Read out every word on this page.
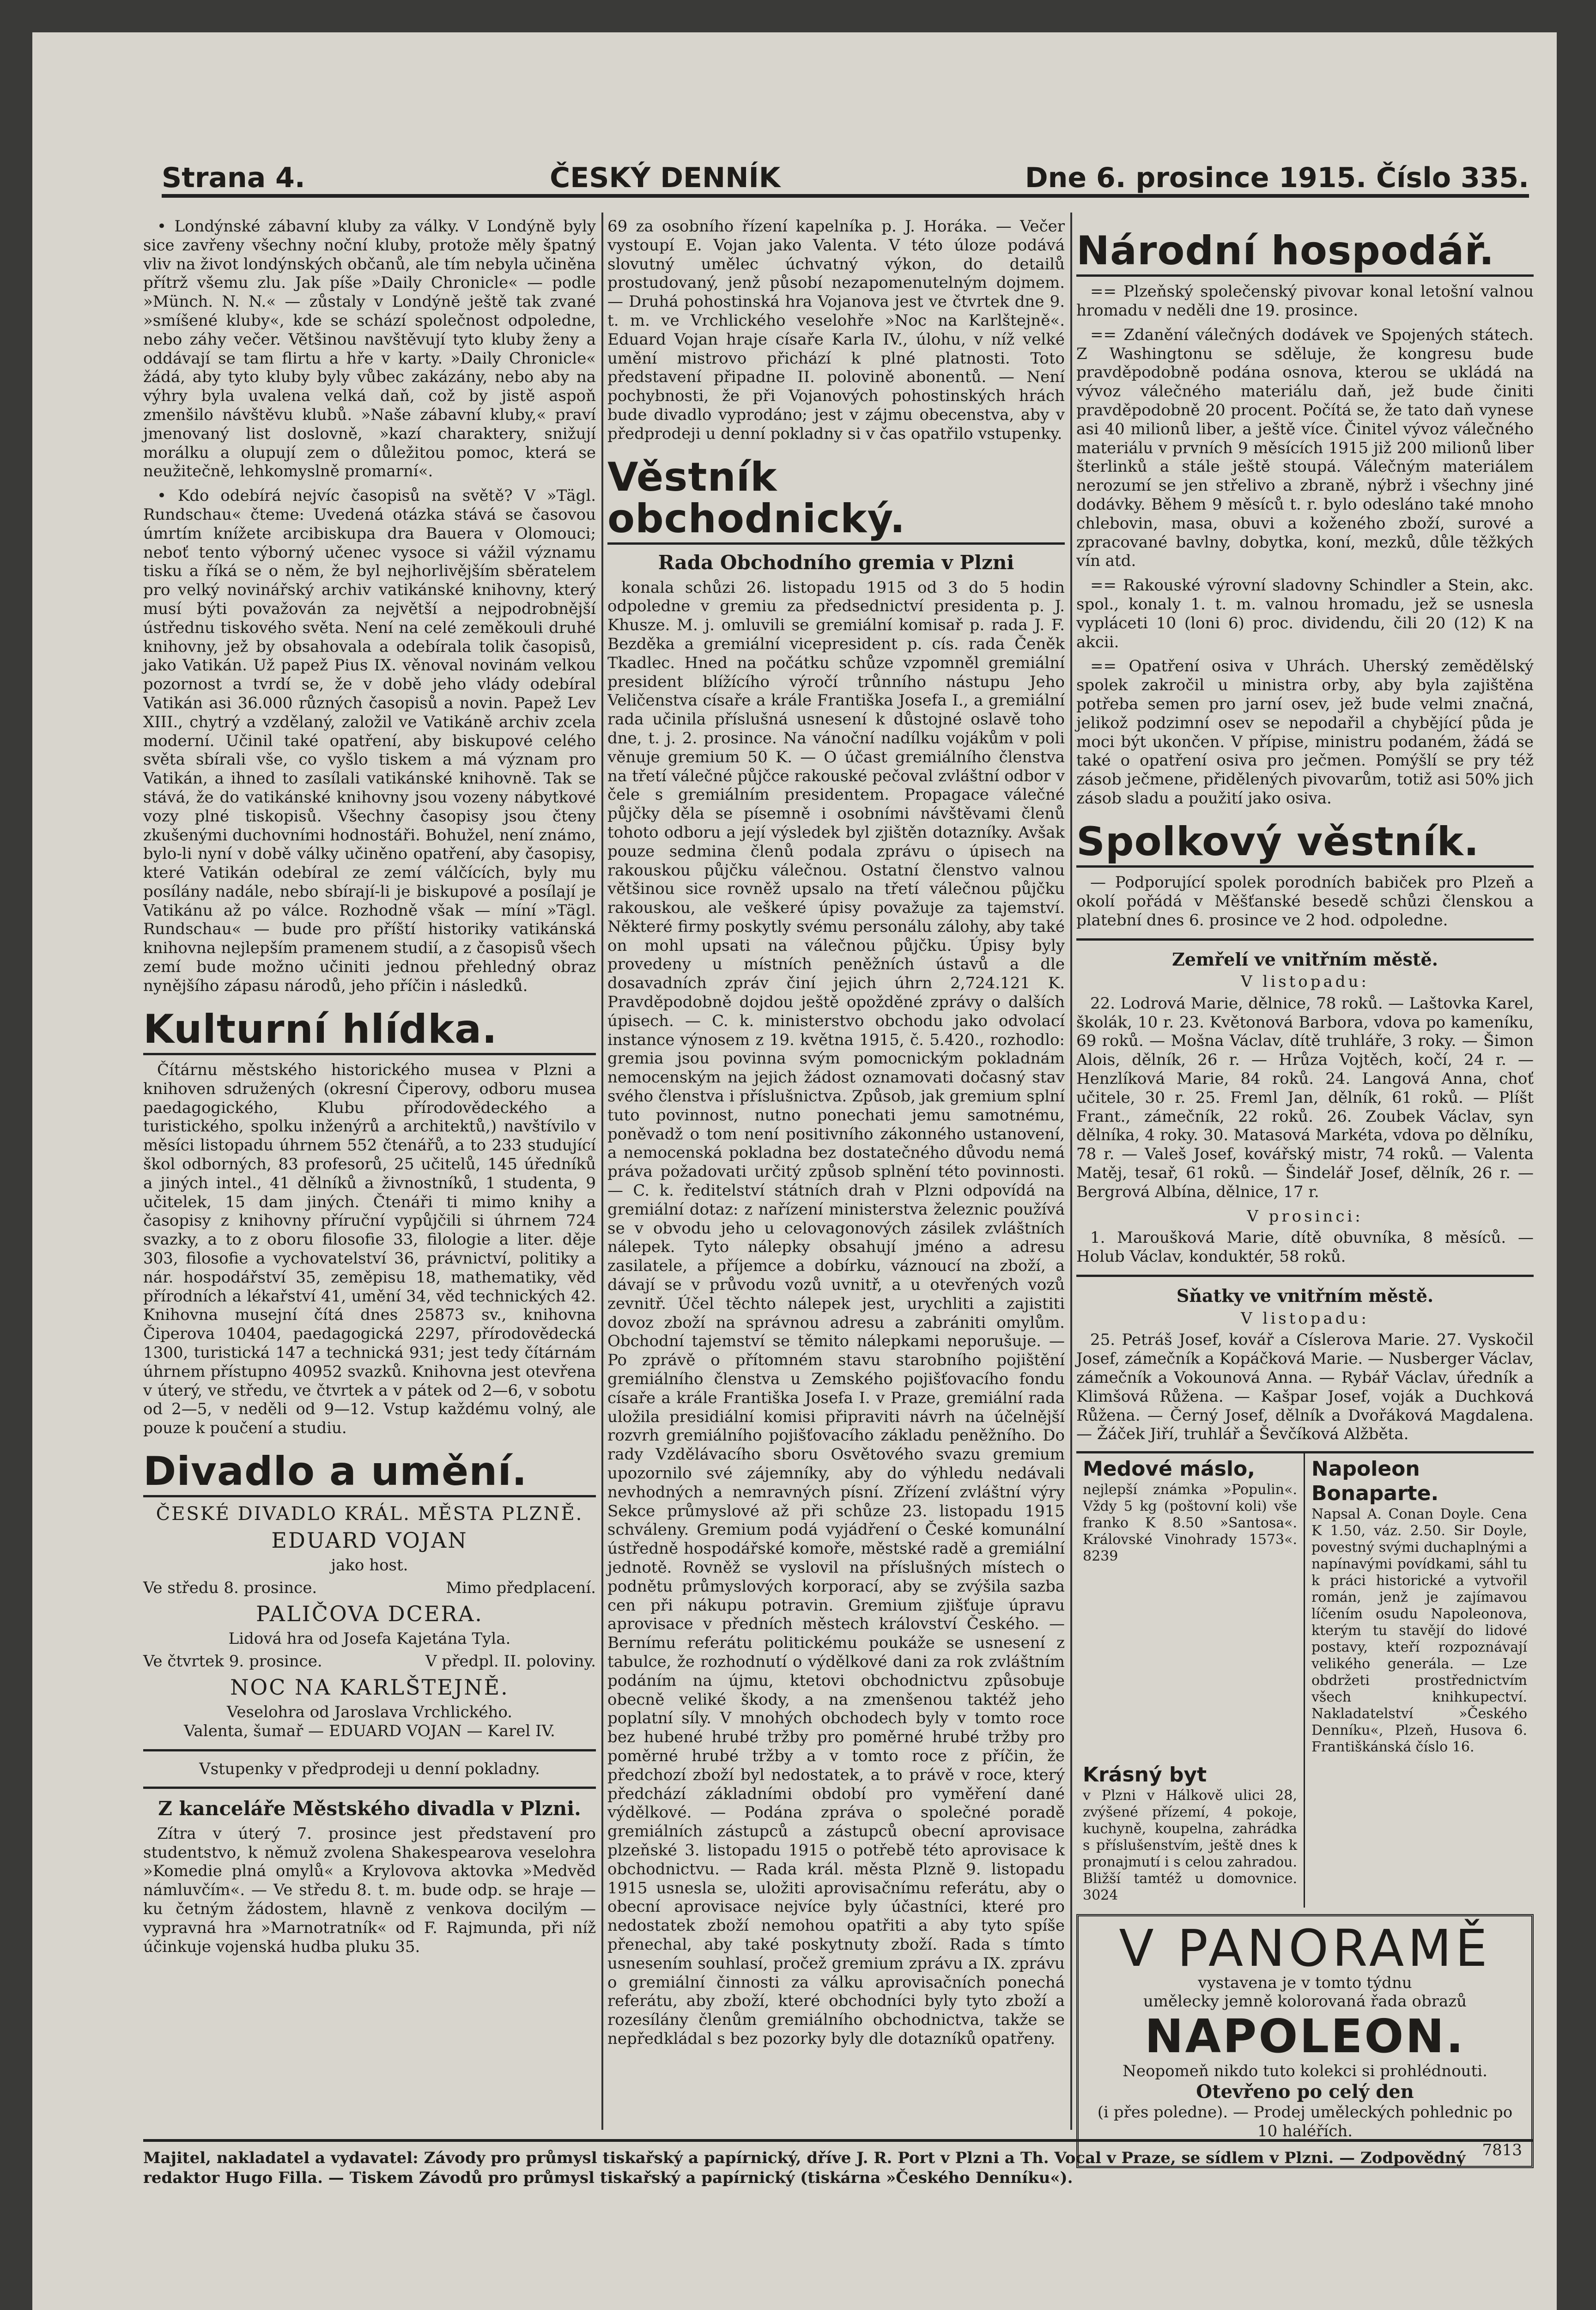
Strana 4.	ČESKÝ DENNÍK	Dne 6. prosince 1915. Číslo 335.

• Londýnské zábavní kluby za války. V Londýně byly sice zavřeny všechny noční kluby, protože měly špatný vliv na život londýnských občanů, ale tím nebyla učiněna přítrž všemu zlu. Jak píše »Daily Chronicle« — podle »Münch. N. N.« — zůstaly v Londýně ještě tak zvané »smíšené kluby«, kde se schází společnost odpoledne, nebo záhy večer. Většinou navštěvují tyto kluby ženy a oddávají se tam flirtu a hře v karty. »Daily Chronicle« žádá, aby tyto kluby byly vůbec zakázány, nebo aby na výhry byla uvalena velká daň, což by jistě aspoň zmenšilo návštěvu klubů. »Naše zábavní kluby,« praví jmenovaný list doslovně, »kazí charaktery, snižují morálku a olupují zem o důležitou pomoc, která se neužitečně, lehkomyslně promarní«.

• Kdo odebírá nejvíc časopisů na světě? V »Tägl. Rundschau« čteme: Uvedená otázka stává se časovou úmrtím knížete arcibiskupa dra Bauera v Olomouci; neboť tento výborný učenec vysoce si vážil významu tisku a říká se o něm, že byl nejhorlivějším sběratelem pro velký novinářský archiv vatikánské knihovny, který musí býti považován za největší a nejpodrobnější ústřednu tiskového světa. Není na celé zeměkouli druhé knihovny, jež by obsahovala a odebírala tolik časopisů, jako Vatikán. Už papež Pius IX. věnoval novinám velkou pozornost a tvrdí se, že v době jeho vlády odebíral Vatikán asi 36.000 různých časopisů a novin. Papež Lev XIII., chytrý a vzdělaný, založil ve Vatikáně archiv zcela moderní. Učinil také opatření, aby biskupové celého světa sbírali vše, co vyšlo tiskem a má význam pro Vatikán, a ihned to zasílali vatikánské knihovně. Tak se stává, že do vatikánské knihovny jsou vozeny nábytkové vozy plné tiskopisů. Všechny časopisy jsou čteny zkušenými duchovními hodnostáři. Bohužel, není známo, bylo-li nyní v době války učiněno opatření, aby časopisy, které Vatikán odebíral ze zemí válčících, byly mu posílány nadále, nebo sbírají-li je biskupové a posílají je Vatikánu až po válce. Rozhodně však — míní »Tägl. Rundschau« — bude pro příští historiky vatikánská knihovna nejlepším pramenem studií, a z časopisů všech zemí bude možno učiniti jednou přehledný obraz nynějšího zápasu národů, jeho příčin i následků.

Kulturní hlídka.

Čítárnu městského historického musea v Plzni a knihoven sdružených (okresní Čiperovy, odboru musea paedagogického, Klubu přírodovědeckého a turistického, spolku inženýrů a architektů,) navštívilo v měsíci listopadu úhrnem 552 čtenářů, a to 233 studující škol odborných, 83 profesorů, 25 učitelů, 145 úředníků a jiných intel., 41 dělníků a živnostníků, 1 studenta, 9 učitelek, 15 dam jiných. Čtenáři ti mimo knihy a časopisy z knihovny příruční vypůjčili si úhrnem 724 svazky, a to z oboru filosofie 33, filologie a liter. děje 303, filosofie a vychovatelství 36, právnictví, politiky a nár. hospodářství 35, zeměpisu 18, mathematiky, věd přírodních a lékařství 41, umění 34, věd technických 42. Knihovna musejní čítá dnes 25873 sv., knihovna Čiperova 10404, paedagogická 2297, přírodovědecká 1300, turistická 147 a technická 931; jest tedy čítárnám úhrnem přístupno 40952 svazků. Knihovna jest otevřena v úterý, ve středu, ve čtvrtek a v pátek od 2—6, v sobotu od 2—5, v neděli od 9—12. Vstup každému volný, ale pouze k poučení a studiu.

Divadlo a umění.
ČESKÉ DIVADLO KRÁL. MĚSTA PLZNĚ.
EDUARD VOJAN
jako host.
Ve středu 8. prosince.	Mimo předplacení.
PALIČOVA DCERA.
Lidová hra od Josefa Kajetána Tyla.
Ve čtvrtek 9. prosince.	V předpl. II. poloviny.
NOC NA KARLŠTEJNĚ.
Veselohra od Jaroslava Vrchlického.
Valenta, šumař — EDUARD VOJAN — Karel IV.
Vstupenky v předprodeji u denní pokladny.
Z kanceláře Městského divadla v Plzni.

Zítra v úterý 7. prosince jest představení pro studentstvo, k němuž zvolena Shakespearova veselohra »Komedie plná omylů« a Krylovova aktovka »Medvěd námluvčím«. — Ve středu 8. t. m. bude odp. se hraje — ku četným žádostem, hlavně z venkova docilým — vypravná hra »Marnotratník« od F. Rajmunda, při níž účinkuje vojenská hudba pluku 35.

69 za osobního řízení kapelníka p. J. Horáka. — Večer vystoupí E. Vojan jako Valenta. V této úloze podává slovutný umělec úchvatný výkon, do detailů prostudovaný, jenž působí nezapomenutelným dojmem. — Druhá pohostinská hra Vojanova jest ve čtvrtek dne 9. t. m. ve Vrchlického veselohře »Noc na Karlštejně«. Eduard Vojan hraje císaře Karla IV., úlohu, v níž velké umění mistrovo přichází k plné platnosti. Toto představení připadne II. polovině abonentů. — Není pochybnosti, že při Vojanových pohostinských hrách bude divadlo vyprodáno; jest v zájmu obecenstva, aby v předprodeji u denní pokladny si v čas opatřilo vstupenky.

Věstník obchodnický.
Rada Obchodního gremia v Plzni

konala schůzi 26. listopadu 1915 od 3 do 5 hodin odpoledne v gremiu za předsednictví presidenta p. J. Khusze. M. j. omluvili se gremiální komisař p. rada J. F. Bezděka a gremiální vicepresident p. cís. rada Čeněk Tkadlec. Hned na počátku schůze vzpomněl gremiální president blížícího výročí trůnního nástupu Jeho Veličenstva císaře a krále Františka Josefa I., a gremiální rada učinila příslušná usnesení k důstojné oslavě toho dne, t. j. 2. prosince. Na vánoční nadílku vojákům v poli věnuje gremium 50 K. — O účast gremiálního členstva na třetí válečné půjčce rakouské pečoval zvláštní odbor v čele s gremiálním presidentem. Propagace válečné půjčky děla se písemně i osobními návštěvami členů tohoto odboru a její výsledek byl zjištěn dotazníky. Avšak pouze sedmina členů podala zprávu o úpisech na rakouskou půjčku válečnou. Ostatní členstvo valnou většinou sice rovněž upsalo na třetí válečnou půjčku rakouskou, ale veškeré úpisy považuje za tajemství. Některé firmy poskytly svému personálu zálohy, aby také on mohl upsati na válečnou půjčku. Úpisy byly provedeny u místních peněžních ústavů a dle dosavadních zpráv činí jejich úhrn 2,724.121 K. Pravděpodobně dojdou ještě opožděné zprávy o dalších úpisech. — C. k. ministerstvo obchodu jako odvolací instance výnosem z 19. května 1915, č. 5.420., rozhodlo: gremia jsou povinna svým pomocnickým pokladnám nemocenským na jejich žádost oznamovati dočasný stav svého členstva i příslušnictva. Způsob, jak gremium splní tuto povinnost, nutno ponechati jemu samotnému, poněvadž o tom není positivního zákonného ustanovení, a nemocenská pokladna bez dostatečného důvodu nemá práva požadovati určitý způsob splnění této povinnosti. — C. k. ředitelství státních drah v Plzni odpovídá na gremiální dotaz: z nařízení ministerstva železnic používá se v obvodu jeho u celovagonových zásilek zvláštních nálepek. Tyto nálepky obsahují jméno a adresu zasilatele, a příjemce a dobírku, váznoucí na zboží, a dávají se v průvodu vozů uvnitř, a u otevřených vozů zevnitř. Účel těchto nálepek jest, urychliti a zajistiti dovoz zboží na správnou adresu a zabrániti omylům. Obchodní tajemství se těmito nálepkami neporušuje. — Po zprávě o přítomném stavu starobního pojištění gremiálního členstva u Zemského pojišťovacího fondu císaře a krále Františka Josefa I. v Praze, gremiální rada uložila presidiální komisi připraviti návrh na účelnější rozvrh gremiálního pojišťovacího základu peněžního. Do rady Vzdělávacího sboru Osvětového svazu gremium upozornilo své zájemníky, aby do výhledu nedávali nevhodných a nemravných písní. Zřízení zvláštní výry Sekce průmyslové až při schůze 23. listopadu 1915 schváleny. Gremium podá vyjádření o České komunální ústředně hospodářské komoře, městské radě a gremiální jednotě. Rovněž se vyslovil na příslušných místech o podnětu průmyslových korporací, aby se zvýšila sazba cen při nákupu potravin. Gremium zjišťuje úpravu aprovisace v předních městech království Českého. — Bernímu referátu politickému poukáže se usnesení z tabulce, že rozhodnutí o výdělkové dani za rok zvláštním podáním na újmu, ktetovi obchodnictvu způsobuje obecně veliké škody, a na zmenšenou taktéž jeho poplatní síly. V mnohých obchodech byly v tomto roce bez hubené hrubé tržby pro poměrné hrubé tržby pro poměrné hrubé tržby a v tomto roce z příčin, že předchozí zboží byl nedostatek, a to právě v roce, který předchází základními období pro vyměření dané výdělkové. — Podána zpráva o společné poradě gremiálních zástupců a zástupců obecní aprovisace plzeňské 3. listopadu 1915 o potřebě této aprovisace k obchodnictvu. — Rada král. města Plzně 9. listopadu 1915 usnesla se, uložiti aprovisačnímu referátu, aby o obecní aprovisace nejvíce byly účastníci, které pro nedostatek zboží nemohou opatřiti a aby tyto spíše přenechal, aby také poskytnuty zboží. Rada s tímto usnesením souhlasí, pročež gremium zprávu a IX. zprávu o gremiální činnosti za válku aprovisačních ponechá referátu, aby zboží, které obchodníci byly tyto zboží a rozesílány členům gremiálního obchodnictva, takže se nepředkládal s bez pozorky byly dle dotazníků opatřeny.

Národní hospodář.

== Plzeňský společenský pivovar konal letošní valnou hromadu v neděli dne 19. prosince.

== Zdanění válečných dodávek ve Spojených státech. Z Washingtonu se sděluje, že kongresu bude pravděpodobně podána osnova, kterou se ukládá na vývoz válečného materiálu daň, jež bude činiti pravděpodobně 20 procent. Počítá se, že tato daň vynese asi 40 milionů liber, a ještě více. Činitel vývoz válečného materiálu v prvních 9 měsících 1915 již 200 milionů liber šterlinků a stále ještě stoupá. Válečným materiálem nerozumí se jen střelivo a zbraně, nýbrž i všechny jiné dodávky. Během 9 měsíců t. r. bylo odesláno také mnoho chlebovin, masa, obuvi a koženého zboží, surové a zpracované bavlny, dobytka, koní, mezků, důle těžkých vín atd.

== Rakouské výrovní sladovny Schindler a Stein, akc. spol., konaly 1. t. m. valnou hromadu, jež se usnesla vypláceti 10 (loni 6) proc. dividendu, čili 20 (12) K na akcii.

== Opatření osiva v Uhrách. Uherský zemědělský spolek zakročil u ministra orby, aby byla zajištěna potřeba semen pro jarní osev, jež bude velmi značná, jelikož podzimní osev se nepodařil a chybějící půda je moci být ukončen. V přípise, ministru podaném, žádá se také o opatření osiva pro ječmen. Pomýšlí se pry též zásob ječmene, přidělených pivovarům, totiž asi 50% jich zásob sladu a použití jako osiva.

Spolkový věstník.

— Podporující spolek porodních babiček pro Plzeň a okolí pořádá v Měšťanské besedě schůzi členskou a platební dnes 6. prosince ve 2 hod. odpoledne.

Zemřelí ve vnitřním městě.
V listopadu:

22. Lodrová Marie, dělnice, 78 roků. — Laštovka Karel, školák, 10 r. 23. Květonová Barbora, vdova po kameníku, 69 roků. — Mošna Václav, dítě truhláře, 3 roky. — Šimon Alois, dělník, 26 r. — Hrůza Vojtěch, kočí, 24 r. — Henzlíková Marie, 84 roků. 24. Langová Anna, choť učitele, 30 r. 25. Freml Jan, dělník, 61 roků. — Plíšt Frant., zámečník, 22 roků. 26. Zoubek Václav, syn dělníka, 4 roky. 30. Matasová Markéta, vdova po dělníku, 78 r. — Valeš Josef, kovářský mistr, 74 roků. — Valenta Matěj, tesař, 61 roků. — Šindelář Josef, dělník, 26 r. — Bergrová Albína, dělnice, 17 r.

V prosinci:

1. Maroušková Marie, dítě obuvníka, 8 měsíců. — Holub Václav, konduktér, 58 roků.

Sňatky ve vnitřním městě.
V listopadu:

25. Petráš Josef, kovář a Císlerova Marie. 27. Vyskočil Josef, zámečník a Kopáčková Marie. — Nusberger Václav, zámečník a Vokounová Anna. — Rybář Václav, úředník a Klimšová Růžena. — Kašpar Josef, voják a Duchková Růžena. — Černý Josef, dělník a Dvořáková Magdalena. — Žáček Jiří, truhlář a Ševčíková Alžběta.

Medové máslo,
nejlepší známka »Populin«. Vždy 5 kg (poštovní koli) vše franko K 8.50 »Santosa«. Královské Vinohrady 1573«. 8239
Napoleon Bonaparte.
Napsal A. Conan Doyle. Cena K 1.50, váz. 2.50. Sir Doyle, povestný svými duchaplnými a napínavými povídkami, sáhl tu k práci historické a vytvořil román, jenž je zajímavou líčením osudu Napoleonova, kterým tu stavějí do lidové postavy, kteří rozpoznávají velikého generála. — Lze obdržeti prostřednictvím všech knihkupectví. Nakladatelství »Českého Denníku«, Plzeň, Husova 6. Františkánská číslo 16.
Krásný byt
v Plzni v Hálkově ulici 28, zvýšené přízemí, 4 pokoje, kuchyně, koupelna, zahrádka s příslušenstvím, ještě dnes k pronajmutí i s celou zahradou. Bližší tamtéž u domovnice. 3024
V PANORAMĚ
vystavena je v tomto týdnu
umělecky jemně kolorovaná řada obrazů
NAPOLEON.
Neopomeň nikdo tuto kolekci si prohlédnouti.
Otevřeno po celý den
(i přes poledne). — Prodej uměleckých pohlednic po 10 haléřích.
7813
Majitel, nakladatel a vydavatel: Závody pro průmysl tiskařský a papírnický, dříve J. R. Port v Plzni a Th. Vocal v Praze, se sídlem v Plzni. — Zodpovědný redaktor Hugo Filla. — Tiskem Závodů pro průmysl tiskařský a papírnický (tiskárna »Českého Denníku«).
